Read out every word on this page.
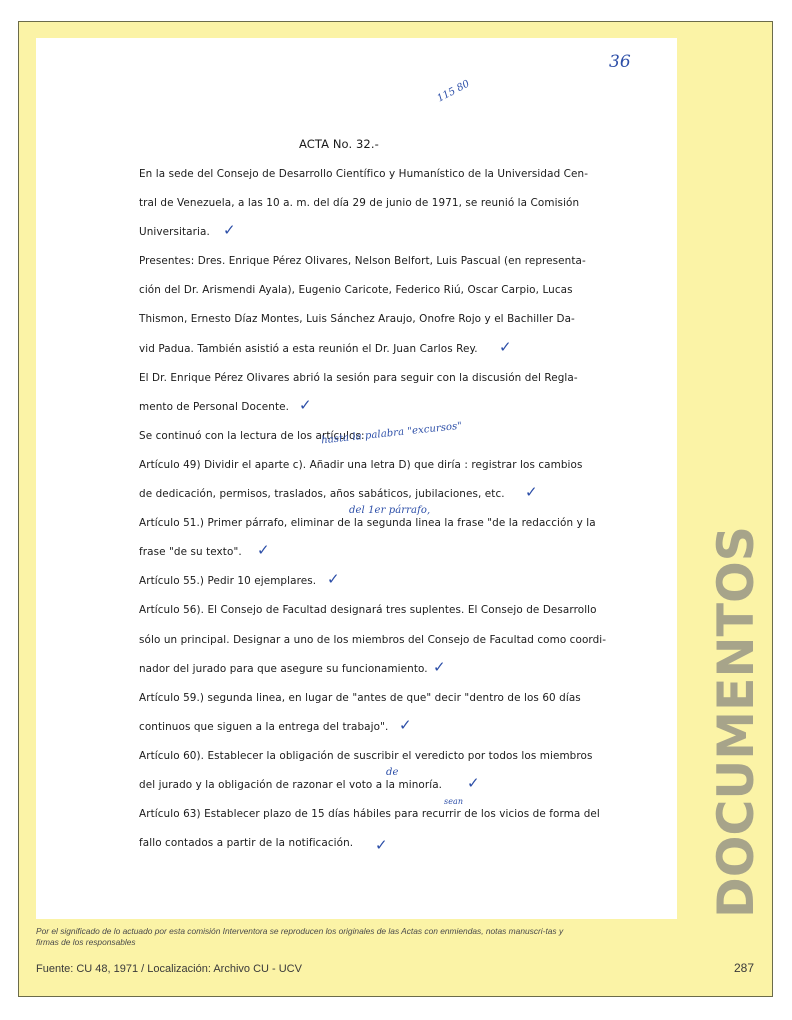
36
115 80
ACTA No. 32.-
En la sede del Consejo de Desarrollo Científico y Humanístico de la Universidad Cen-
tral de Venezuela, a las 10 a. m. del día 29 de junio de 1971, se reunió la Comisión
Universitaria. ✓
Presentes: Dres. Enrique Pérez Olivares, Nelson Belfort, Luis Pascual (en representa-
ción del Dr. Arismendi Ayala), Eugenio Caricote, Federico Riú, Oscar Carpio, Lucas
Thismon, Ernesto Díaz Montes, Luis Sánchez Araujo, Onofre Rojo y el Bachiller Da-
vid Padua. También asistió a esta reunión el Dr. Juan Carlos Rey. ✓
El Dr. Enrique Pérez Olivares abrió la sesión para seguir con la discusión del Regla-
mento de Personal Docente. ✓
Se continuó con la lectura de los artículos:
hasta la palabra "excursos"
Artículo 49) Dividir el aparte c). Añadir una letra D) que diría : registrar los cambios
de dedicación, permisos, traslados, años sabáticos, jubilaciones, etc. ✓
Artículo 51.) Primer párrafo, eliminar de la segunda linea la frase "de la redacción y la
del 1er párrafo,
frase "de su texto". ✓
Artículo 55.) Pedir 10 ejemplares. ✓
Artículo 56). El Consejo de Facultad designará tres suplentes. El Consejo de Desarrollo
sólo un principal. Designar a uno de los miembros del Consejo de Facultad como coordi-
nador del jurado para que asegure su funcionamiento. ✓
Artículo 59.) segunda linea, en lugar de "antes de que" decir "dentro de los 60 días
continuos que siguen a la entrega del trabajo". ✓
Artículo 60). Establecer la obligación de suscribir el veredicto por todos los miembros
del jurado y la obligación de razonar el voto a la minoría.
de
✓
Artículo 63) Establecer plazo de 15 días hábiles para recurrir de los vicios de forma del
sean
fallo contados a partir de la notificación. ✓	DOCUMENTOS
Por el significado de lo actuado por esta comisión Interventora se reproducen los originales de las Actas con enmiendas, notas manuscri-tas y firmas de los responsables
Fuente: CU 48, 1971 / Localización: Archivo CU - UCV	287
